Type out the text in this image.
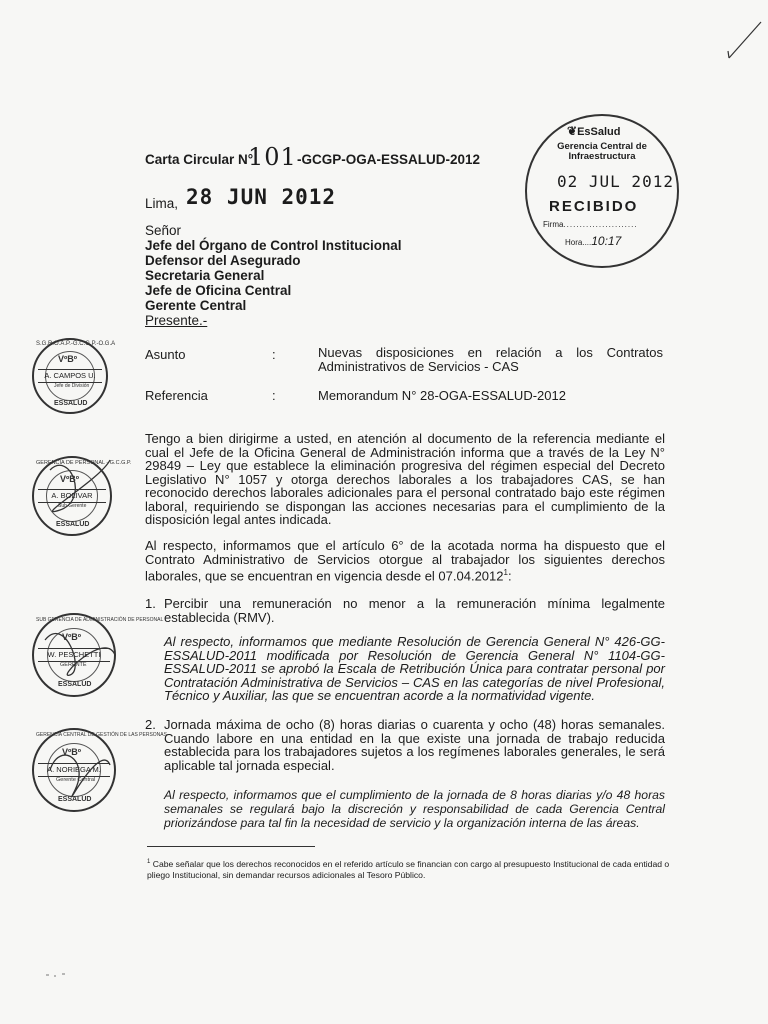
Carta Circular N°
101 -GCGP-OGA-ESSALUD-2012
Lima, 28 JUN 2012
Señor
Jefe del Órgano de Control Institucional
Defensor del Asegurado
Secretaria General
Jefe de Oficina Central
Gerente Central
Presente.-
Asunto	:	Nuevas disposiciones en relación a los Contratos
Administrativos de Servicios - CAS
Referencia	:	Memorandum N° 28-OGA-ESSALUD-2012
Tengo a bien dirigirme a usted, en atención al documento de la referencia mediante el cual el Jefe de la Oficina General de Administración informa que a través de la Ley N° 29849 – Ley que establece la eliminación progresiva del régimen especial del Decreto Legislativo N° 1057 y otorga derechos laborales a los trabajadores CAS, se han reconocido derechos laborales adicionales para el personal contratado bajo este régimen laboral, requiriendo se dispongan las acciones necesarias para el cumplimiento de la disposición legal antes indicada.
Al respecto, informamos que el artículo 6° de la acotada norma ha dispuesto que el Contrato Administrativo de Servicios otorgue al trabajador los siguientes derechos laborales, que se encuentran en vigencia desde el 07.04.2012$^1$:
1. Percibir una remuneración no menor a la remuneración mínima legalmente establecida (RMV).
Al respecto, informamos que mediante Resolución de Gerencia General N° 426-GG-ESSALUD-2011 modificada por Resolución de Gerencia General N° 1104-GG-ESSALUD-2011 se aprobó la Escala de Retribución Única para contratar personal por Contratación Administrativa de Servicios – CAS en las categorías de nivel Profesional, Técnico y Auxiliar, las que se encuentran acorde a la normatividad vigente.
2. Jornada máxima de ocho (8) horas diarias o cuarenta y ocho (48) horas semanales. Cuando labore en una entidad en la que existe una jornada de trabajo reducida establecida para los trabajadores sujetos a los regímenes laborales generales, le será aplicable tal jornada especial.
Al respecto, informamos que el cumplimiento de la jornada de 8 horas diarias y/o 48 horas semanales se regulará bajo la discreción y responsabilidad de cada Gerencia Central priorizándose para tal fin la necesidad de servicio y la organización interna de las áreas.
$^1$ Cabe señalar que los derechos reconocidos en el referido artículo se financian con cargo al presupuesto Institucional de cada entidad o pliego Institucional, sin demandar recursos adicionales al Tesoro Público.
❦EsSalud
Gerencia Central de
Infraestructura
02 JUL 2012
RECIBIDO
Firma.......................
Hora....10:17
S.G.R.O.A.P.-G.C.G.P.-O.G.A
VºBº
A. CAMPOS U.
Jefe de División
ESSALUD
GERENCIA DE PERSONAL - G.C.G.P.
VºBº
A. BOLIVAR
Sub Gerente
ESSALUD
SUB GERENCIA DE ADMINISTRACIÓN DE PERSONAL
VºBº
W. PESCHETTI
GERENTE
ESSALUD
GERENCIA CENTRAL DE GESTIÓN DE LAS PERSONAS
VºBº
A. NORIEGA M.
Gerente Central
ESSALUD
